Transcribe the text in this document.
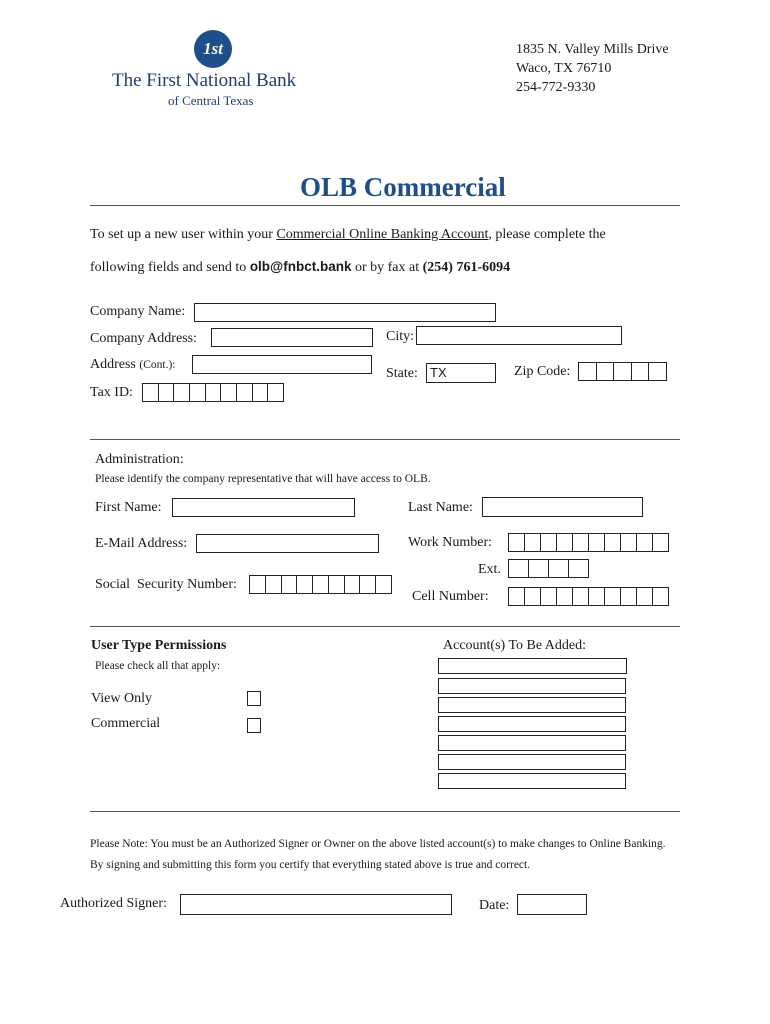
1st
The First National Bank
of Central Texas
1835 N. Valley Mills Drive
Waco, TX 76710
254-772-9330
OLB Commercial
To set up a new user within your Commercial Online Banking Account, please complete the
following fields and send to olb@fnbct.bank or by fax at (254) 761-6094
Company Name:
Company Address:	City:
Address (Cont.):
State: TX	Zip Code:
Tax ID:
Administration:
Please identify the company representative that will have access to OLB.
First Name:	Last Name:
E-Mail Address:	Work Number:
Ext.
Social Security Number:
Cell Number:
User Type Permissions
Please check all that apply:
View Only
Commercial
Account(s) To Be Added:
Please Note: You must be an Authorized Signer or Owner on the above listed account(s) to make changes to Online Banking.
By signing and submitting this form you certify that everything stated above is true and correct.
Authorized Signer:	Date:
